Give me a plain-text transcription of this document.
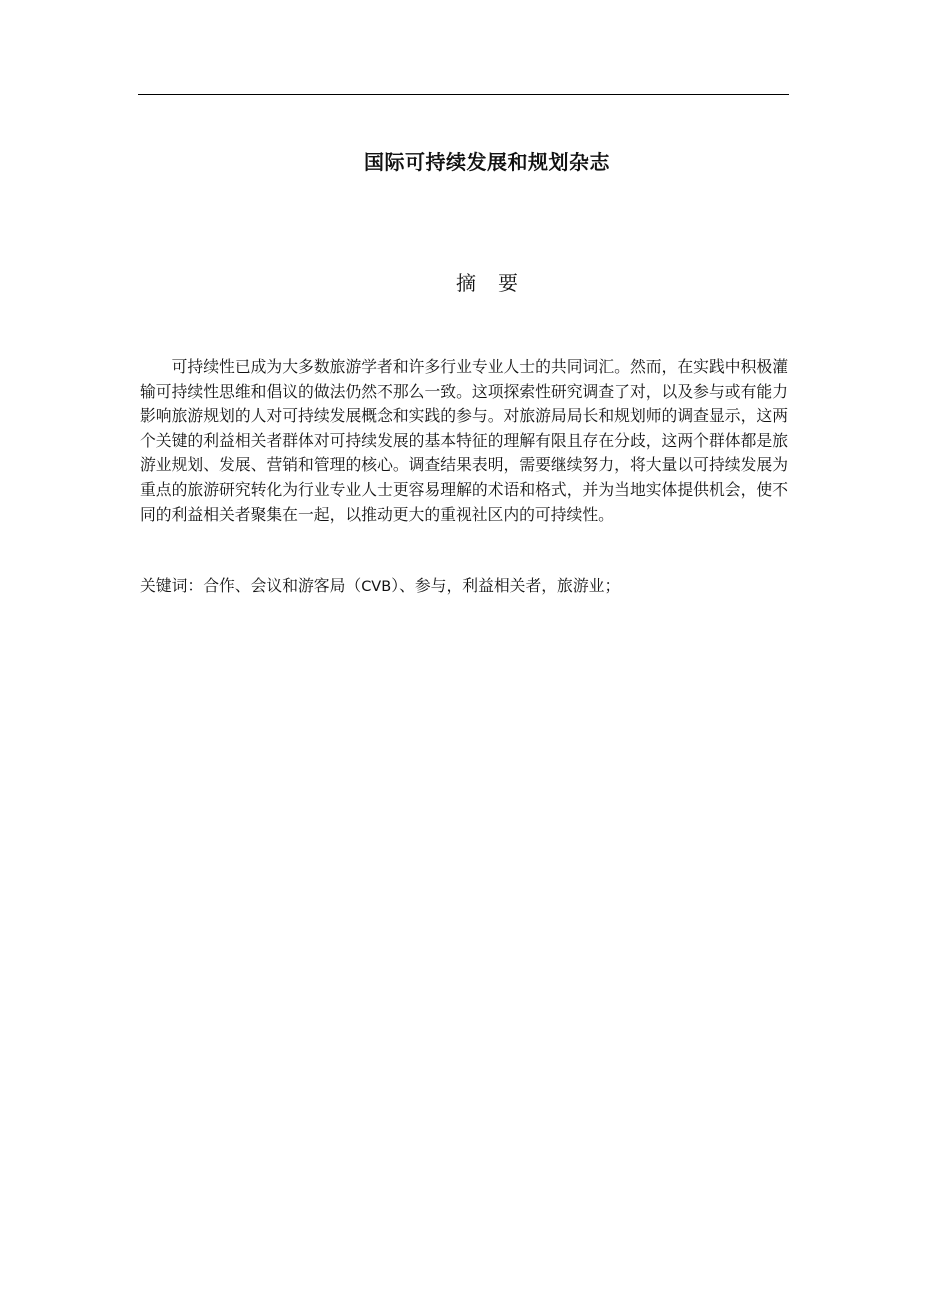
国际可持续发展和规划杂志
摘要

可持续性已成为大多数旅游学者和许多行业专业人士的共同词汇。然而，在实践中积极灌输可持续性思维和倡议的做法仍然不那么一致。这项探索性研究调查了对，以及参与或有能力影响旅游规划的人对可持续发展概念和实践的参与。对旅游局局长和规划师的调查显示，这两个关键的利益相关者群体对可持续发展的基本特征的理解有限且存在分歧，这两个群体都是旅游业规划、发展、营销和管理的核心。调查结果表明，需要继续努力，将大量以可持续发展为重点的旅游研究转化为行业专业人士更容易理解的术语和格式，并为当地实体提供机会，使不同的利益相关者聚集在一起，以推动更大的重视社区内的可持续性。

关键词：合作、会议和游客局（CVB）、参与，利益相关者，旅游业；
